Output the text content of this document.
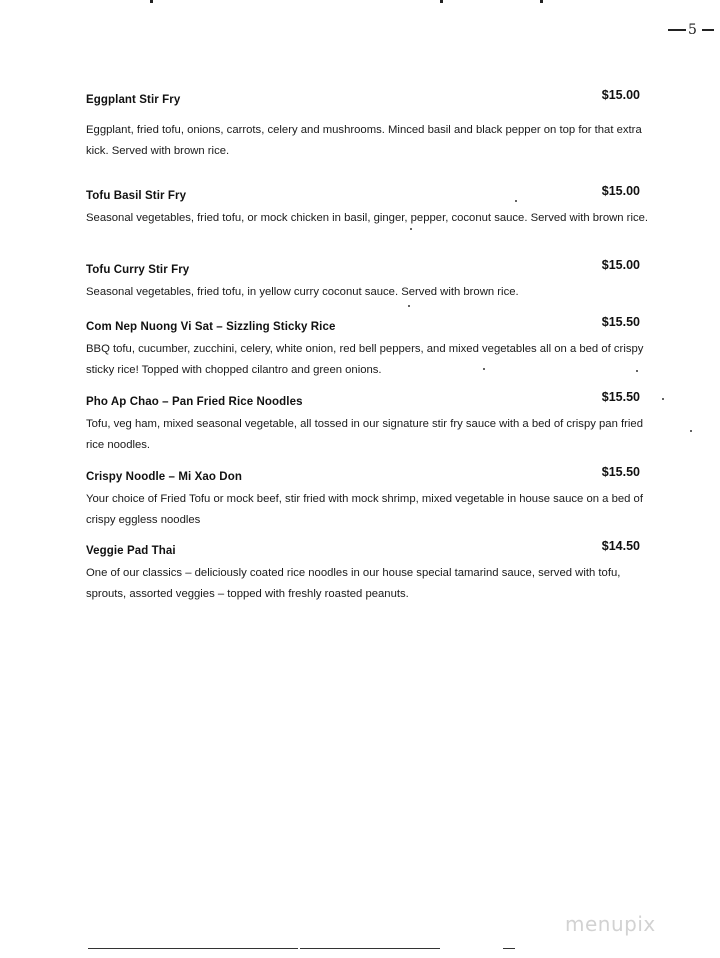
5
Eggplant Stir Fry	$15.00

Eggplant, fried tofu, onions, carrots, celery and mushrooms. Minced basil and black pepper on top for that extra kick. Served with brown rice.

Tofu Basil Stir Fry	$15.00

Seasonal vegetables, fried tofu, or mock chicken in basil, ginger, pepper, coconut sauce. Served with brown rice.

Tofu Curry Stir Fry	$15.00

Seasonal vegetables, fried tofu, in yellow curry coconut sauce. Served with brown rice.

Com Nep Nuong Vi Sat – Sizzling Sticky Rice	$15.50

BBQ tofu, cucumber, zucchini, celery, white onion, red bell peppers, and mixed vegetables all on a bed of crispy sticky rice! Topped with chopped cilantro and green onions.

Pho Ap Chao – Pan Fried Rice Noodles	$15.50

Tofu, veg ham, mixed seasonal vegetable, all tossed in our signature stir fry sauce with a bed of crispy pan fried rice noodles.

Crispy Noodle – Mi Xao Don	$15.50

Your choice of Fried Tofu or mock beef, stir fried with mock shrimp, mixed vegetable in house sauce on a bed of crispy eggless noodles

Veggie Pad Thai	$14.50

One of our classics – deliciously coated rice noodles in our house special tamarind sauce, served with tofu, sprouts, assorted veggies – topped with freshly roasted peanuts.

menupix
